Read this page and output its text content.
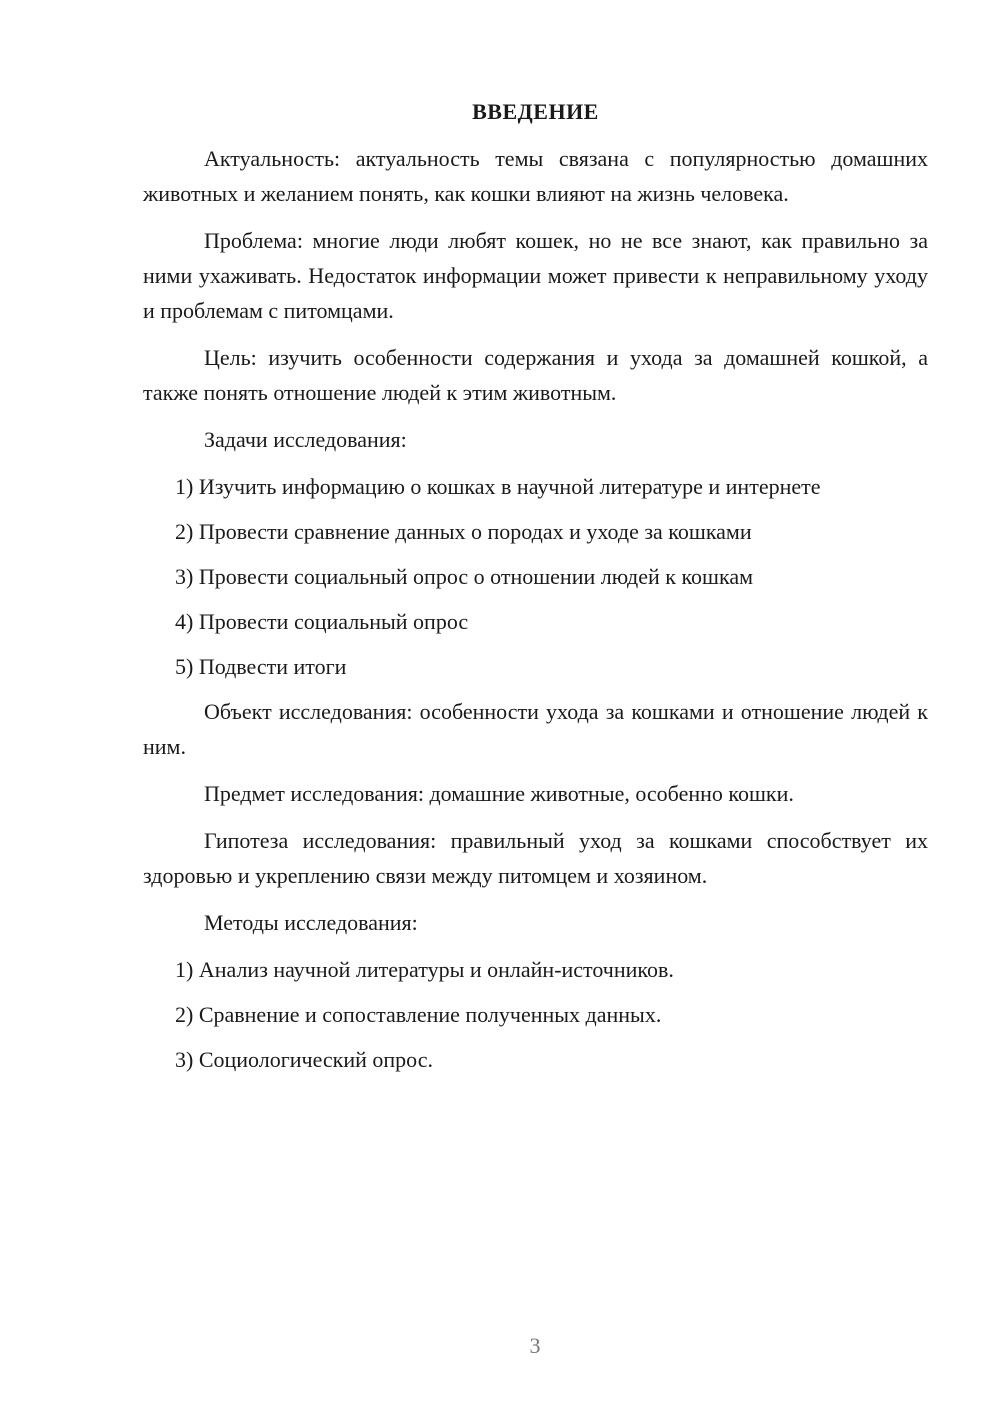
ВВЕДЕНИЕ

Актуальность: актуальность темы связана с популярностью домашних животных и желанием понять, как кошки влияют на жизнь человека.

Проблема: многие люди любят кошек, но не все знают, как правильно за ними ухаживать. Недостаток информации может привести к неправильному уходу и проблемам с питомцами.

Цель: изучить особенности содержания и ухода за домашней кошкой, а также понять отношение людей к этим животным.

Задачи исследования:

1) Изучить информацию о кошках в научной литературе и интернете
2) Провести сравнение данных о породах и уходе за кошками
3) Провести социальный опрос о отношении людей к кошкам
4) Провести социальный опрос
5) Подвести итоги

Объект исследования: особенности ухода за кошками и отношение людей к ним.

Предмет исследования: домашние животные, особенно кошки.

Гипотеза исследования: правильный уход за кошками способствует их здоровью и укреплению связи между питомцем и хозяином.

Методы исследования:

1) Анализ научной литературы и онлайн-источников.
2) Сравнение и сопоставление полученных данных.
3) Социологический опрос.
3
